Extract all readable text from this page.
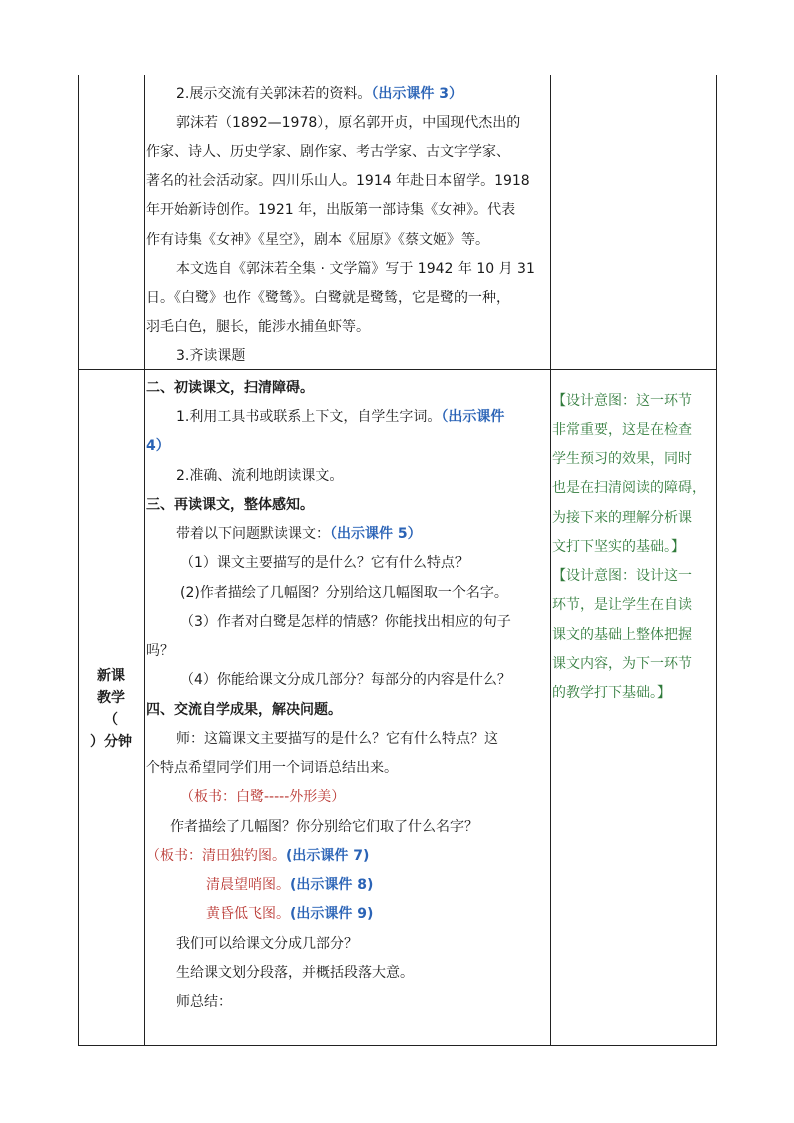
2.展示交流有关郭沫若的资料。（出示课件 3）
郭沫若（1892—1978），原名郭开贞，中国现代杰出的
作家、诗人、历史学家、剧作家、考古学家、古文字学家、
著名的社会活动家。四川乐山人。1914 年赴日本留学。1918
年开始新诗创作。1921 年，出版第一部诗集《女神》。代表
作有诗集《女神》《星空》，剧本《屈原》《蔡文姬》等。
本文选自《郭沫若全集 · 文学篇》写于 1942 年 10 月 31
日。《白鹭》也作《鹭鸶》。白鹭就是鹭鸶，它是鹭的一种，
羽毛白色，腿长，能涉水捕鱼虾等。
3.齐读课题
新课
教学
（
）分钟
二、初读课文，扫清障碍。
1.利用工具书或联系上下文，自学生字词。（出示课件
4）
2.准确、流利地朗读课文。
三、再读课文，整体感知。
带着以下问题默读课文：（出示课件 5）
（1）课文主要描写的是什么？它有什么特点？
(2)作者描绘了几幅图？分别给这几幅图取一个名字。
（3）作者对白鹭是怎样的情感？你能找出相应的句子
吗？
（4）你能给课文分成几部分？每部分的内容是什么？
四、交流自学成果，解决问题。
师：这篇课文主要描写的是什么？它有什么特点？这
个特点希望同学们用一个词语总结出来。
（板书：白鹭-----外形美）
作者描绘了几幅图？你分别给它们取了什么名字？
（板书：清田独钓图。(出示课件 7)
清晨望哨图。(出示课件 8)
黄昏低飞图。(出示课件 9)
我们可以给课文分成几部分？
生给课文划分段落，并概括段落大意。
师总结：
【设计意图：这一环节
非常重要，这是在检查
学生预习的效果，同时
也是在扫清阅读的障碍，
为接下来的理解分析课
文打下坚实的基础。】
【设计意图：设计这一
环节，是让学生在自读
课文的基础上整体把握
课文内容，为下一环节
的教学打下基础。】
